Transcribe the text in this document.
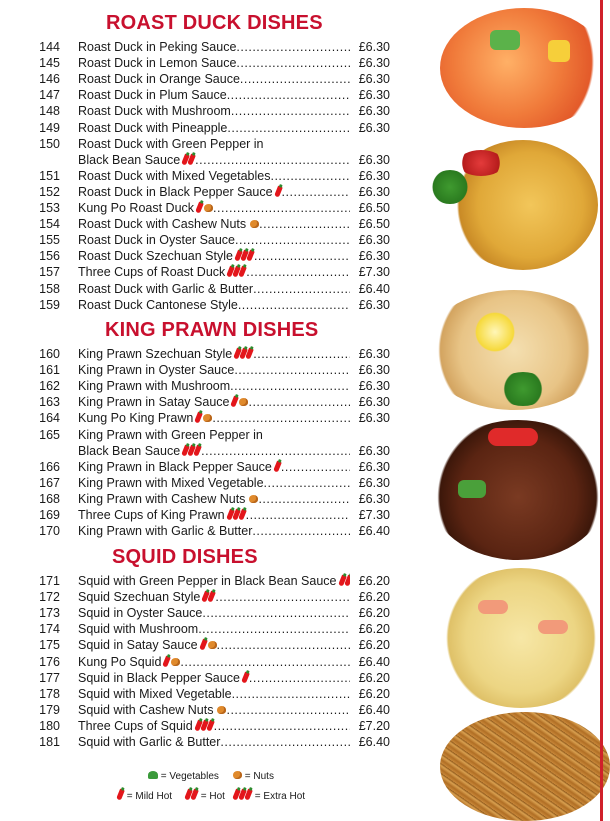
ROAST DUCK DISHES
144 Roast Duck in Peking Sauce .....	£6.30
145 Roast Duck in Lemon Sauce .....	£6.30
146 Roast Duck in Orange Sauce .....	£6.30
147 Roast Duck in Plum Sauce .....	£6.30
148 Roast Duck with Mushroom .....	£6.30
149 Roast Duck with Pineapple .....	£6.30
150 Roast Duck with Green Pepper in
Black Bean Sauce .....	£6.30
151 Roast Duck with Mixed Vegetables .....	£6.30
152 Roast Duck in Black Pepper Sauce .....	£6.30
153 Kung Po Roast Duck .....	£6.50
154 Roast Duck with Cashew Nuts .....	£6.50
155 Roast Duck in Oyster Sauce .....	£6.30
156 Roast Duck Szechuan Style .....	£6.30
157 Three Cups of Roast Duck .....	£7.30
158 Roast Duck with Garlic & Butter .....	£6.40
159 Roast Duck Cantonese Style .....	£6.30
KING PRAWN DISHES
160 King Prawn Szechuan Style .....	£6.30
161 King Prawn in Oyster Sauce .....	£6.30
162 King Prawn with Mushroom .....	£6.30
163 King Prawn in Satay Sauce .....	£6.30
164 Kung Po King Prawn .....	£6.30
165 King Prawn with Green Pepper in
Black Bean Sauce .....	£6.30
166 King Prawn in Black Pepper Sauce .....	£6.30
167 King Prawn with Mixed Vegetable .....	£6.30
168 King Prawn with Cashew Nuts .....	£6.30
169 Three Cups of King Prawn .....	£7.30
170 King Prawn with Garlic & Butter .....	£6.40
SQUID DISHES
171 Squid with Green Pepper in Black Bean Sauce	£6.20
172 Squid Szechuan Style .....	£6.20
173 Squid in Oyster Sauce .....	£6.20
174 Squid with Mushroom .....	£6.20
175 Squid in Satay Sauce .....	£6.20
176 Kung Po Squid .....	£6.40
177 Squid in Black Pepper Sauce .....	£6.20
178 Squid with Mixed Vegetable .....	£6.20
179 Squid with Cashew Nuts .....	£6.40
180 Three Cups of Squid .....	£7.20
181 Squid with Garlic & Butter .....	£6.40
= Vegetables	= Nuts
= Mild Hot	= Hot	= Extra Hot
